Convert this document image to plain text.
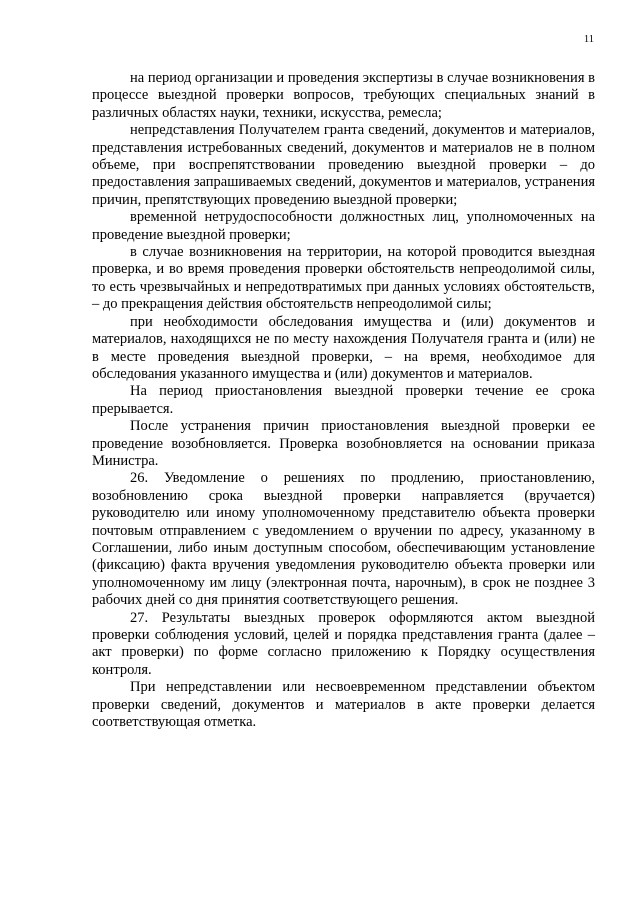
11

на период организации и проведения экспертизы в случае возникновения в процессе выездной проверки вопросов, требующих специальных знаний в различных областях науки, техники, искусства, ремесла;

непредставления Получателем гранта сведений, документов и материалов, представления истребованных сведений, документов и материалов не в полном объеме, при воспрепятствовании проведению выездной проверки – до предоставления запрашиваемых сведений, документов и материалов, устранения причин, препятствующих проведению выездной проверки;

временной нетрудоспособности должностных лиц, уполномоченных на проведение выездной проверки;

в случае возникновения на территории, на которой проводится выездная проверка, и во время проведения проверки обстоятельств непреодолимой силы, то есть чрезвычайных и непредотвратимых при данных условиях обстоятельств, – до прекращения действия обстоятельств непреодолимой силы;

при необходимости обследования имущества и (или) документов и материалов, находящихся не по месту нахождения Получателя гранта и (или) не в месте проведения выездной проверки, – на время, необходимое для обследования указанного имущества и (или) документов и материалов.

На период приостановления выездной проверки течение ее срока прерывается.

После устранения причин приостановления выездной проверки ее проведение возобновляется. Проверка возобновляется на основании приказа Министра.

26. Уведомление о решениях по продлению, приостановлению, возобновлению срока выездной проверки направляется (вручается) руководителю или иному уполномоченному представителю объекта проверки почтовым отправлением с уведомлением о вручении по адресу, указанному в Соглашении, либо иным доступным способом, обеспечивающим установление (фиксацию) факта вручения уведомления руководителю объекта проверки или уполномоченному им лицу (электронная почта, нарочным), в срок не позднее 3 рабочих дней со дня принятия соответствующего решения.

27. Результаты выездных проверок оформляются актом выездной проверки соблюдения условий, целей и порядка представления гранта (далее – акт проверки) по форме согласно приложению к Порядку осуществления контроля.

При непредставлении или несвоевременном представлении объектом проверки сведений, документов и материалов в акте проверки делается соответствующая отметка.
